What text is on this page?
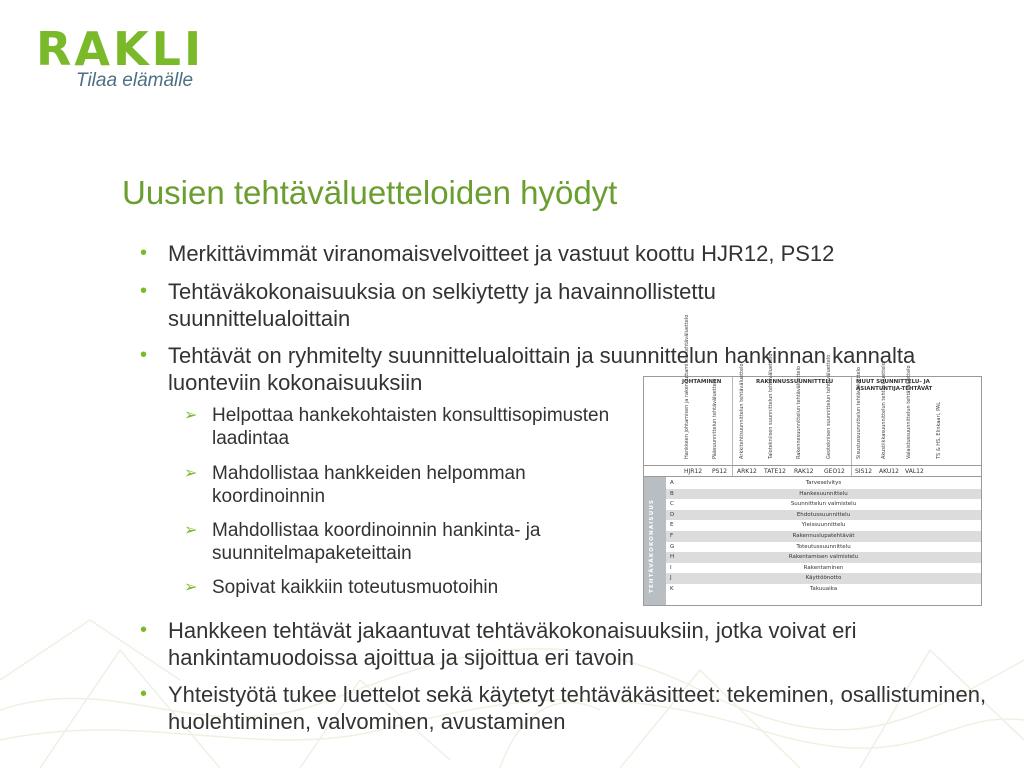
RAKLI
Tilaa elämälle
Uusien tehtäväluetteloiden hyödyt
• Merkittävimmät viranomaisvelvoitteet ja vastuut koottu HJR12, PS12
• Tehtäväkokonaisuuksia on selkiytetty ja havainnollistettu suunnittelualoittain
• Tehtävät on ryhmitelty suunnittelualoittain ja suunnittelun hankinnan kannalta luonteviin kokonaisuuksiin
➢ Helpottaa hankekohtaisten konsulttisopimusten laadintaa
➢ Mahdollistaa hankkeiden helpomman koordinoinnin
➢ Mahdollistaa koordinoinnin hankinta- ja suunnitelmapaketeittain
➢ Sopivat kaikkiin toteutusmuotoihin
• Hankkeen tehtävät jakaantuvat tehtäväkokonaisuuksiin, jotka voivat eri hankintamuodoissa ajoittua ja sijoittua eri tavoin
• Yhteistyötä tukee luettelot sekä käytetyt tehtäväkäsitteet: tekeminen, osallistuminen, huolehtiminen, valvominen, avustaminen
JOHTAMINEN	RAKENNUSSUUNNITTELU	MUUT SUUNNITTELU- JA ASIANTUNTIJA-TEHTÄVÄT
Hankkeen johtamisen ja rakennuttamisen tehtäväluettelo	Pääsuunnittelun tehtäväluettelo	Arkkitehtisuunnittelun tehtäväluettelo	Talotekniisen suunnittelun tehtäväluettelo	Rakennesuunnittelun tehtäväluettelo	Geoteknisen suunnittelun tehtäväluettelo	Sisustussuunnittelun tehtäväluettelo	Akustiikkasuunnittelun tehtäväluettelo	Valaistussuunnittelun tehtäväluettelo	TS & HS, Elinkaari, PAL
HJR12 PS12 ARK12 TATE12 RAK12 GEO12 SIS12 AKU12 VAL12
TEHTÄVÄKOKONAISUUS
A	Tarveselvitys
B	Hankesuunnittelu
C	Suunnittelun valmistelu
D	Ehdotussuunnittelu
E	Yleissuunnittelu
F	Rakennuslupatehtävät
G	Toteutussuunnittelu
H	Rakentamisen valmistelu
I	Rakentaminen
J	Käyttöönotto
K	Takuuaika
